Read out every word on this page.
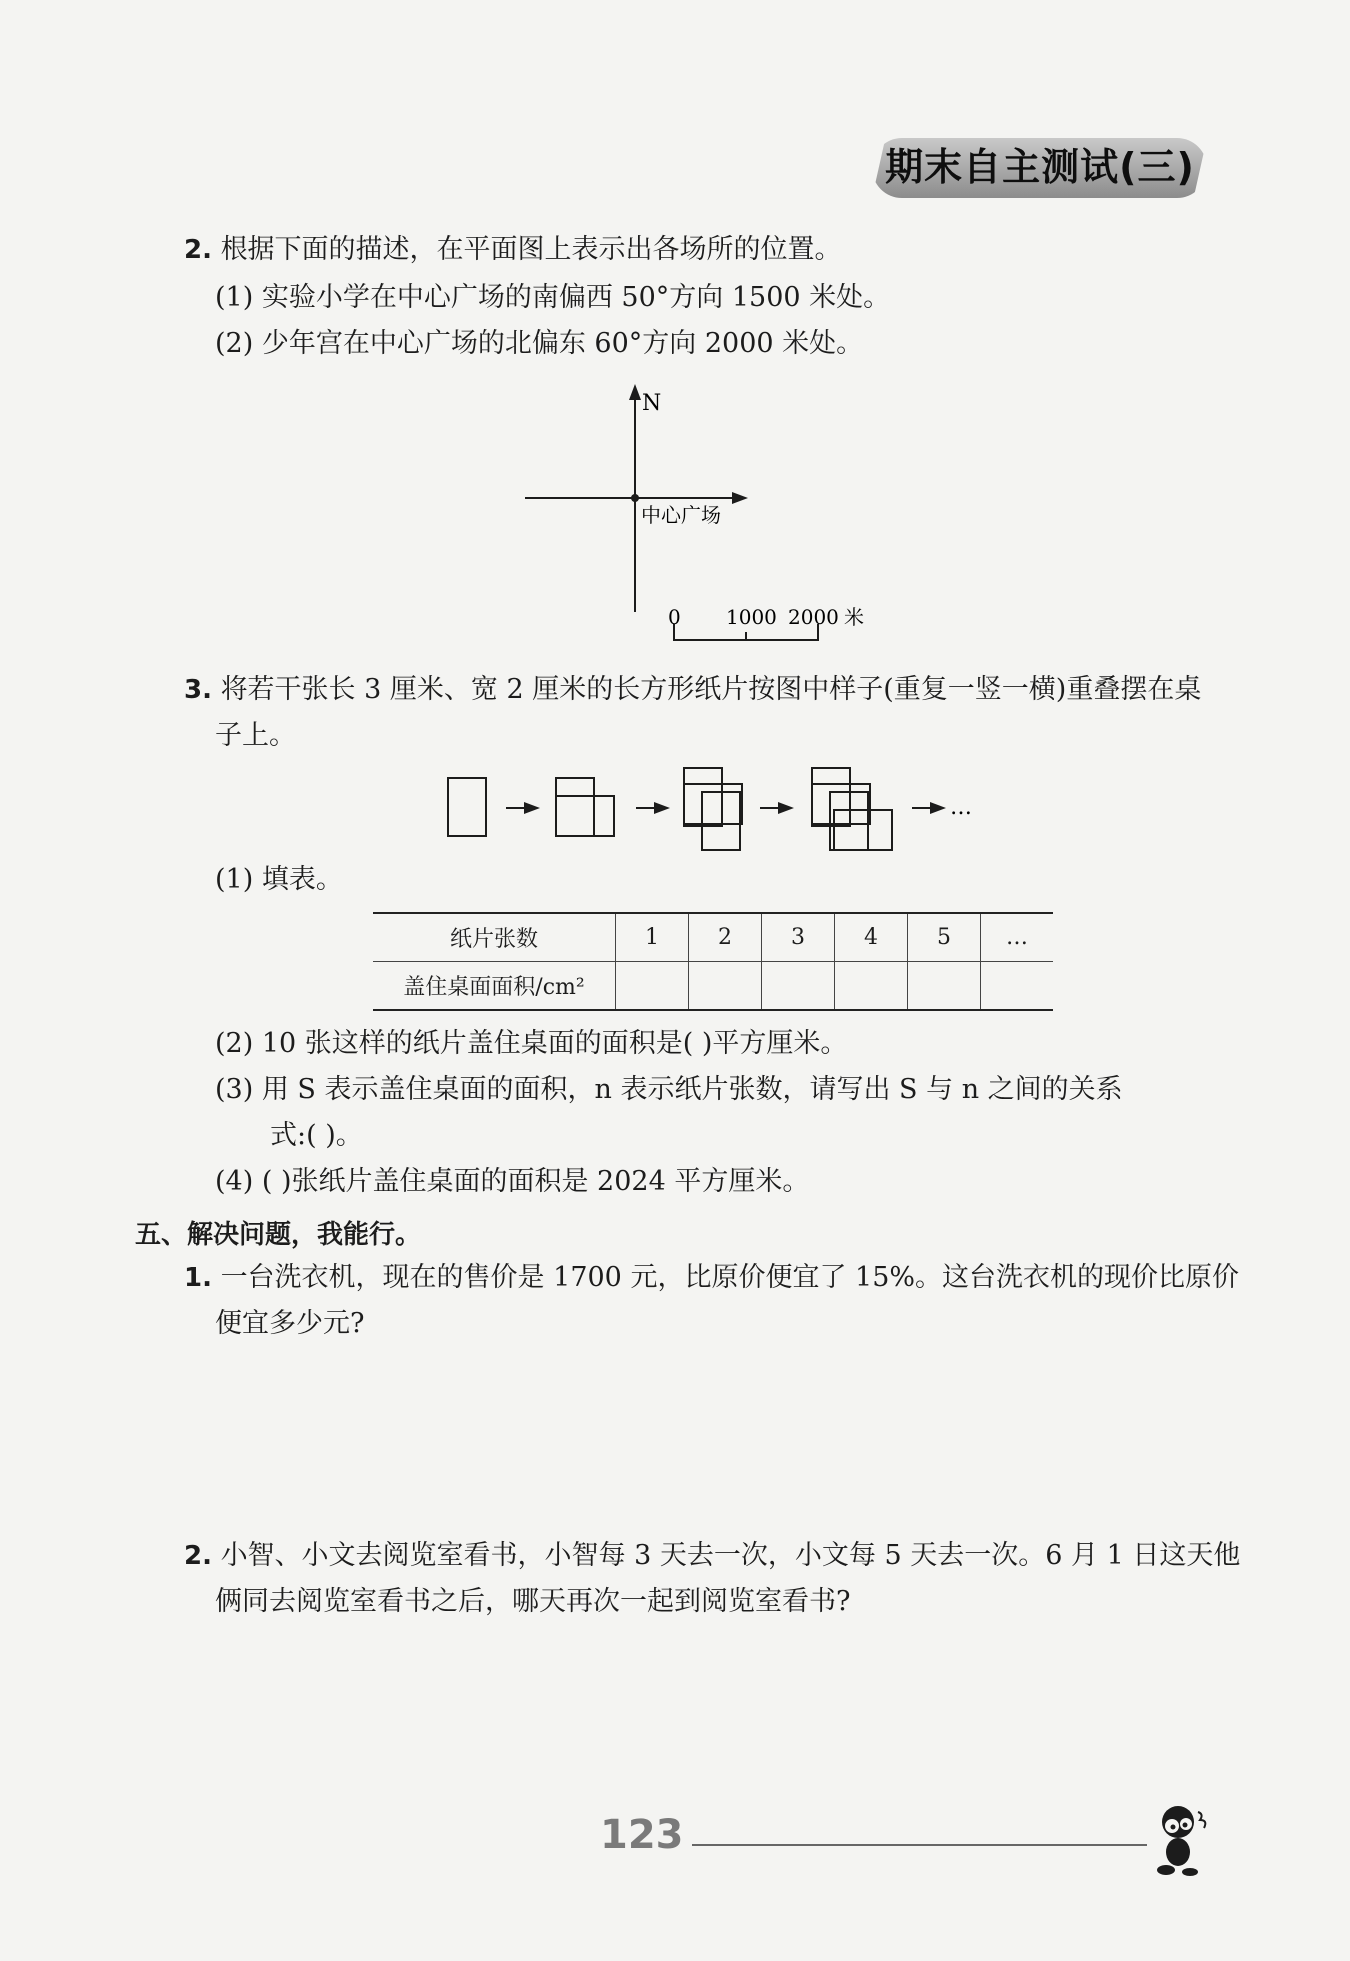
期末自主测试(三)
2. 根据下面的描述，在平面图上表示出各场所的位置。
(1) 实验小学在中心广场的南偏西 50°方向 1500 米处。
(2) 少年宫在中心广场的北偏东 60°方向 2000 米处。
N
中心广场
0 1000 2000 米
3. 将若干张长 3 厘米、宽 2 厘米的长方形纸片按图中样子(重复一竖一横)重叠摆在桌
子上。
…
(1) 填表。
纸片张数	1	2	3	4	5	…
盖住桌面面积/cm²						
(2) 10 张这样的纸片盖住桌面的面积是( )平方厘米。
(3) 用 S 表示盖住桌面的面积，n 表示纸片张数，请写出 S 与 n 之间的关系
式:( )。
(4) ( )张纸片盖住桌面的面积是 2024 平方厘米。
五、解决问题，我能行。
1. 一台洗衣机，现在的售价是 1700 元，比原价便宜了 15%。这台洗衣机的现价比原价
便宜多少元?
2. 小智、小文去阅览室看书，小智每 3 天去一次，小文每 5 天去一次。6 月 1 日这天他
俩同去阅览室看书之后，哪天再次一起到阅览室看书?
123
